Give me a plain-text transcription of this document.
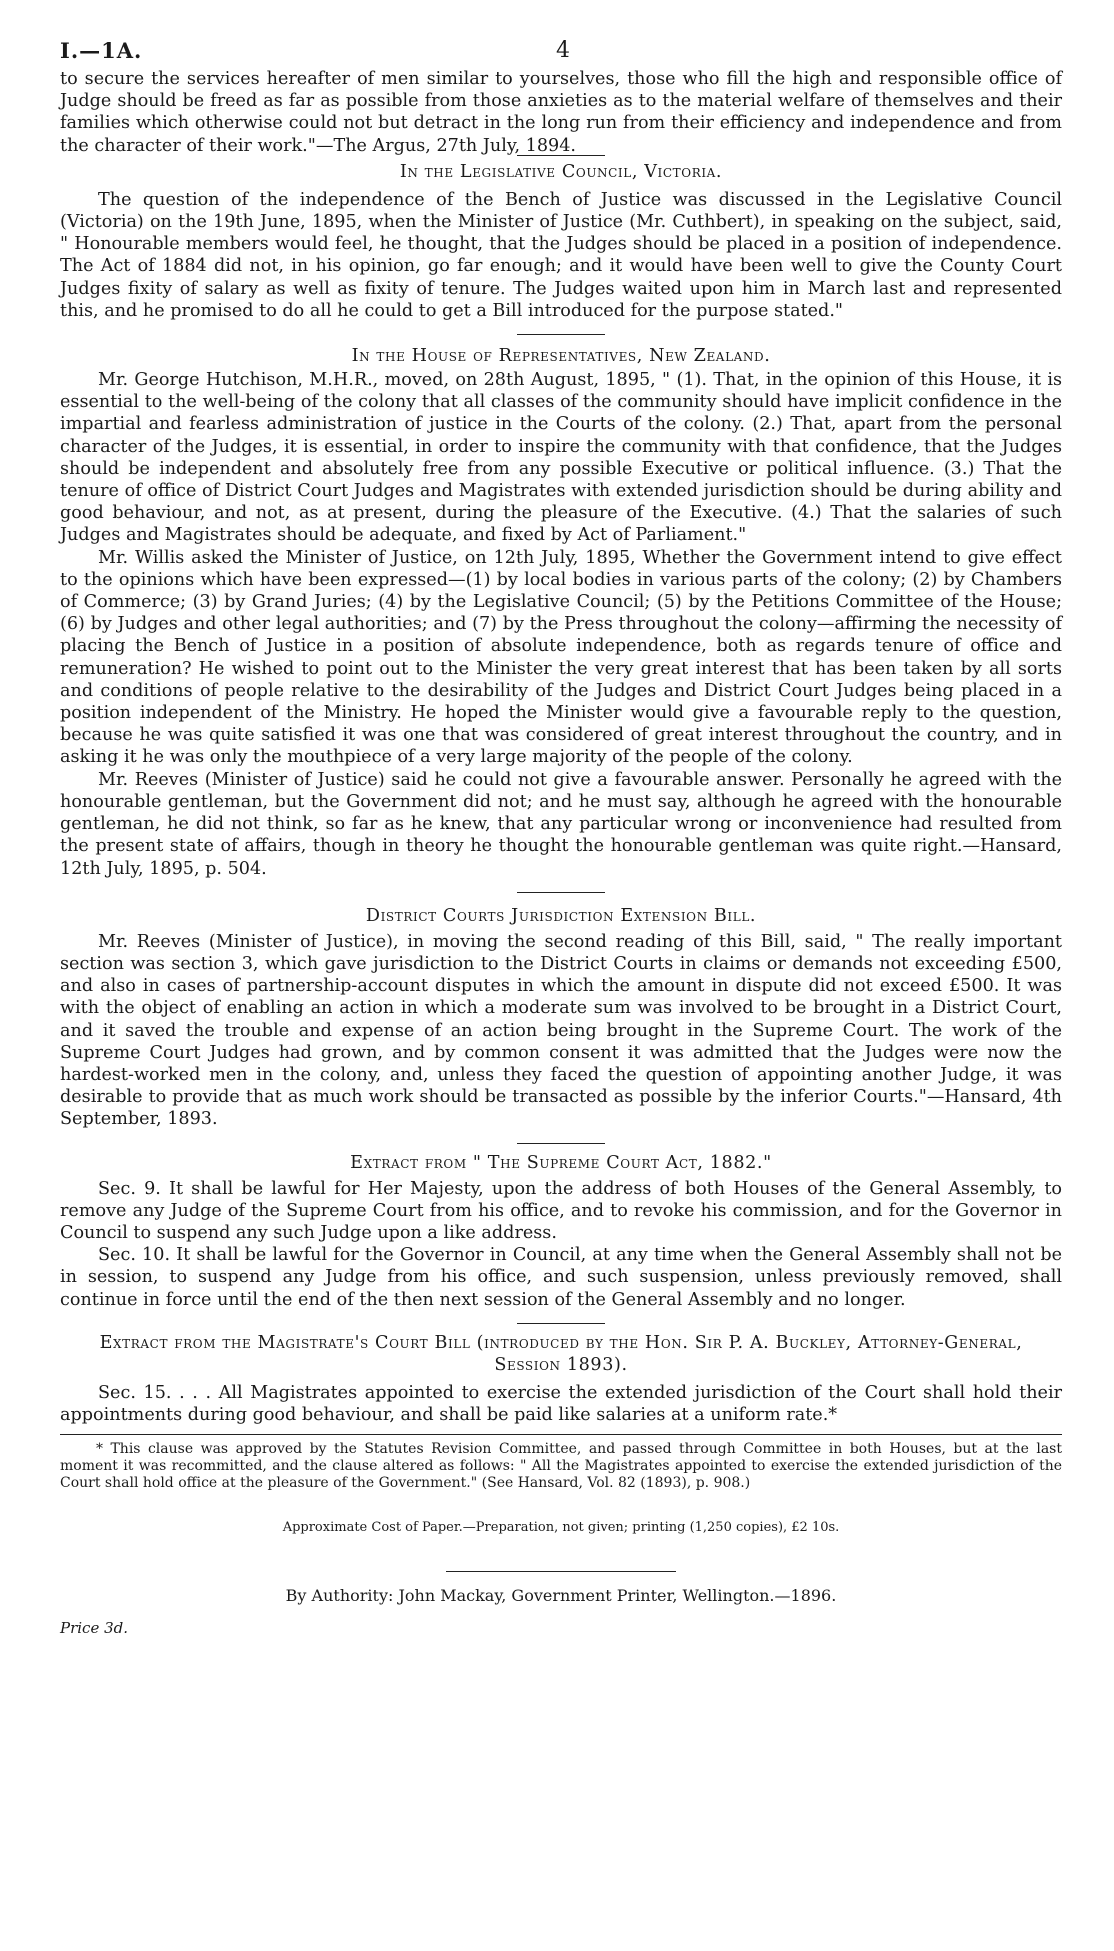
I.—1A.	4

to secure the services hereafter of men similar to yourselves, those who fill the high and responsible office of Judge should be freed as far as possible from those anxieties as to the material welfare of themselves and their families which otherwise could not but detract in the long run from their efficiency and independence and from the character of their work."—The Argus, 27th July, 1894.

In the Legislative Council, Victoria.

The question of the independence of the Bench of Justice was discussed in the Legislative Council (Victoria) on the 19th June, 1895, when the Minister of Justice (Mr. Cuthbert), in speaking on the subject, said, " Honourable members would feel, he thought, that the Judges should be placed in a position of independence. The Act of 1884 did not, in his opinion, go far enough; and it would have been well to give the County Court Judges fixity of salary as well as fixity of tenure. The Judges waited upon him in March last and represented this, and he promised to do all he could to get a Bill introduced for the purpose stated."

In the House of Representatives, New Zealand.

Mr. George Hutchison, M.H.R., moved, on 28th August, 1895, " (1). That, in the opinion of this House, it is essential to the well-being of the colony that all classes of the community should have implicit confidence in the impartial and fearless administration of justice in the Courts of the colony. (2.) That, apart from the personal character of the Judges, it is essential, in order to inspire the community with that confidence, that the Judges should be independent and absolutely free from any possible Executive or political influence. (3.) That the tenure of office of District Court Judges and Magistrates with extended jurisdiction should be during ability and good behaviour, and not, as at present, during the pleasure of the Executive. (4.) That the salaries of such Judges and Magistrates should be adequate, and fixed by Act of Parliament."

Mr. Willis asked the Minister of Justice, on 12th July, 1895, Whether the Government intend to give effect to the opinions which have been expressed—(1) by local bodies in various parts of the colony; (2) by Chambers of Commerce; (3) by Grand Juries; (4) by the Legislative Council; (5) by the Petitions Committee of the House; (6) by Judges and other legal authorities; and (7) by the Press throughout the colony—affirming the necessity of placing the Bench of Justice in a position of absolute independence, both as regards tenure of office and remuneration? He wished to point out to the Minister the very great interest that has been taken by all sorts and conditions of people relative to the desirability of the Judges and District Court Judges being placed in a position independent of the Ministry. He hoped the Minister would give a favourable reply to the question, because he was quite satisfied it was one that was considered of great interest throughout the country, and in asking it he was only the mouthpiece of a very large majority of the people of the colony.

Mr. Reeves (Minister of Justice) said he could not give a favourable answer. Personally he agreed with the honourable gentleman, but the Government did not; and he must say, although he agreed with the honourable gentleman, he did not think, so far as he knew, that any particular wrong or inconvenience had resulted from the present state of affairs, though in theory he thought the honourable gentleman was quite right.—Hansard, 12th July, 1895, p. 504.

District Courts Jurisdiction Extension Bill.

Mr. Reeves (Minister of Justice), in moving the second reading of this Bill, said, " The really important section was section 3, which gave jurisdiction to the District Courts in claims or demands not exceeding £500, and also in cases of partnership-account disputes in which the amount in dispute did not exceed £500. It was with the object of enabling an action in which a moderate sum was involved to be brought in a District Court, and it saved the trouble and expense of an action being brought in the Supreme Court. The work of the Supreme Court Judges had grown, and by common consent it was admitted that the Judges were now the hardest-worked men in the colony, and, unless they faced the question of appointing another Judge, it was desirable to provide that as much work should be transacted as possible by the inferior Courts."—Hansard, 4th September, 1893.

Extract from " The Supreme Court Act, 1882."

Sec. 9. It shall be lawful for Her Majesty, upon the address of both Houses of the General Assembly, to remove any Judge of the Supreme Court from his office, and to revoke his commission, and for the Governor in Council to suspend any such Judge upon a like address.

Sec. 10. It shall be lawful for the Governor in Council, at any time when the General Assembly shall not be in session, to suspend any Judge from his office, and such suspension, unless previously removed, shall continue in force until the end of the then next session of the General Assembly and no longer.

Extract from the Magistrate's Court Bill (introduced by the Hon. Sir P. A. Buckley, Attorney-General, Session 1893).

Sec. 15. . . . All Magistrates appointed to exercise the extended jurisdiction of the Court shall hold their appointments during good behaviour, and shall be paid like salaries at a uniform rate.*

* This clause was approved by the Statutes Revision Committee, and passed through Committee in both Houses, but at the last moment it was recommitted, and the clause altered as follows: " All the Magistrates appointed to exercise the extended jurisdiction of the Court shall hold office at the pleasure of the Government." (See Hansard, Vol. 82 (1893), p. 908.)
Approximate Cost of Paper.—Preparation, not given; printing (1,250 copies), £2 10s.
By Authority: John Mackay, Government Printer, Wellington.—1896.
Price 3d.
